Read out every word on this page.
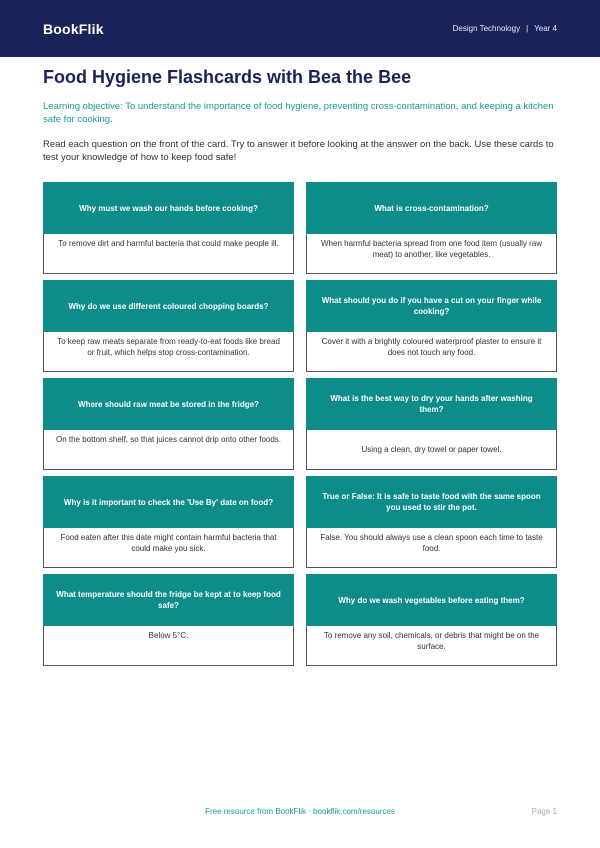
BookFlik	Design Technology | Year 4
Food Hygiene Flashcards with Bea the Bee

Learning objective: To understand the importance of food hygiene, preventing cross-contamination, and keeping a kitchen safe for cooking.

Read each question on the front of the card. Try to answer it before looking at the answer on the back. Use these cards to test your knowledge of how to keep food safe!

Why must we wash our hands before cooking?
To remove dirt and harmful bacteria that could make people ill.
What is cross-contamination?
When harmful bacteria spread from one food item (usually raw meat) to another, like vegetables.
Why do we use different coloured chopping boards?
To keep raw meats separate from ready-to-eat foods like bread or fruit, which helps stop cross-contamination.
What should you do if you have a cut on your finger while cooking?
Cover it with a brightly coloured waterproof plaster to ensure it does not touch any food.
Where should raw meat be stored in the fridge?
On the bottom shelf, so that juices cannot drip onto other foods.
What is the best way to dry your hands after washing them?
Using a clean, dry towel or paper towel.
Why is it important to check the 'Use By' date on food?
Food eaten after this date might contain harmful bacteria that could make you sick.
True or False: It is safe to taste food with the same spoon you used to stir the pot.
False. You should always use a clean spoon each time to taste food.
What temperature should the fridge be kept at to keep food safe?
Below 5°C.
Why do we wash vegetables before eating them?
To remove any soil, chemicals, or debris that might be on the surface.
Free resource from BookFlik · bookflik.com/resources	Page 1
